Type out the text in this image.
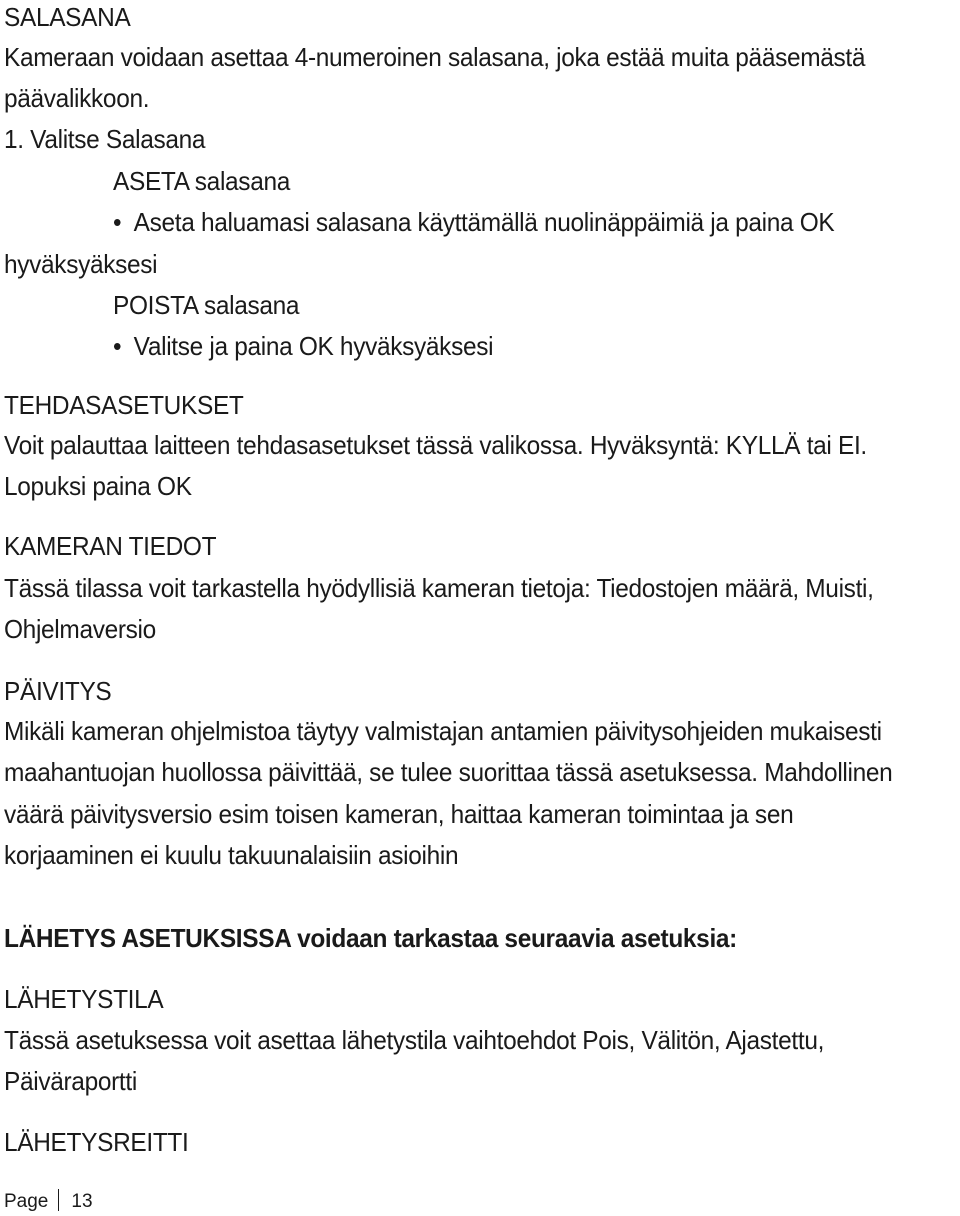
SALASANA
Kameraan voidaan asettaa 4-numeroinen salasana, joka estää muita pääsemästä
päävalikkoon.
1. Valitse Salasana
ASETA salasana
• Aseta haluamasi salasana käyttämällä nuolinäppäimiä ja paina OK
hyväksyäksesi
POISTA salasana
• Valitse ja paina OK hyväksyäksesi
TEHDASASETUKSET
Voit palauttaa laitteen tehdasasetukset tässä valikossa. Hyväksyntä: KYLLÄ tai EI.
Lopuksi paina OK
KAMERAN TIEDOT
Tässä tilassa voit tarkastella hyödyllisiä kameran tietoja: Tiedostojen määrä, Muisti,
Ohjelmaversio
PÄIVITYS
Mikäli kameran ohjelmistoa täytyy valmistajan antamien päivitysohjeiden mukaisesti
maahantuojan huollossa päivittää, se tulee suorittaa tässä asetuksessa. Mahdollinen
väärä päivitysversio esim toisen kameran, haittaa kameran toimintaa ja sen
korjaaminen ei kuulu takuunalaisiin asioihin
LÄHETYS ASETUKSISSA voidaan tarkastaa seuraavia asetuksia:
LÄHETYSTILA
Tässä asetuksessa voit asettaa lähetystila vaihtoehdot Pois, Välitön, Ajastettu,
Päiväraportti
LÄHETYSREITTI
Page 13
